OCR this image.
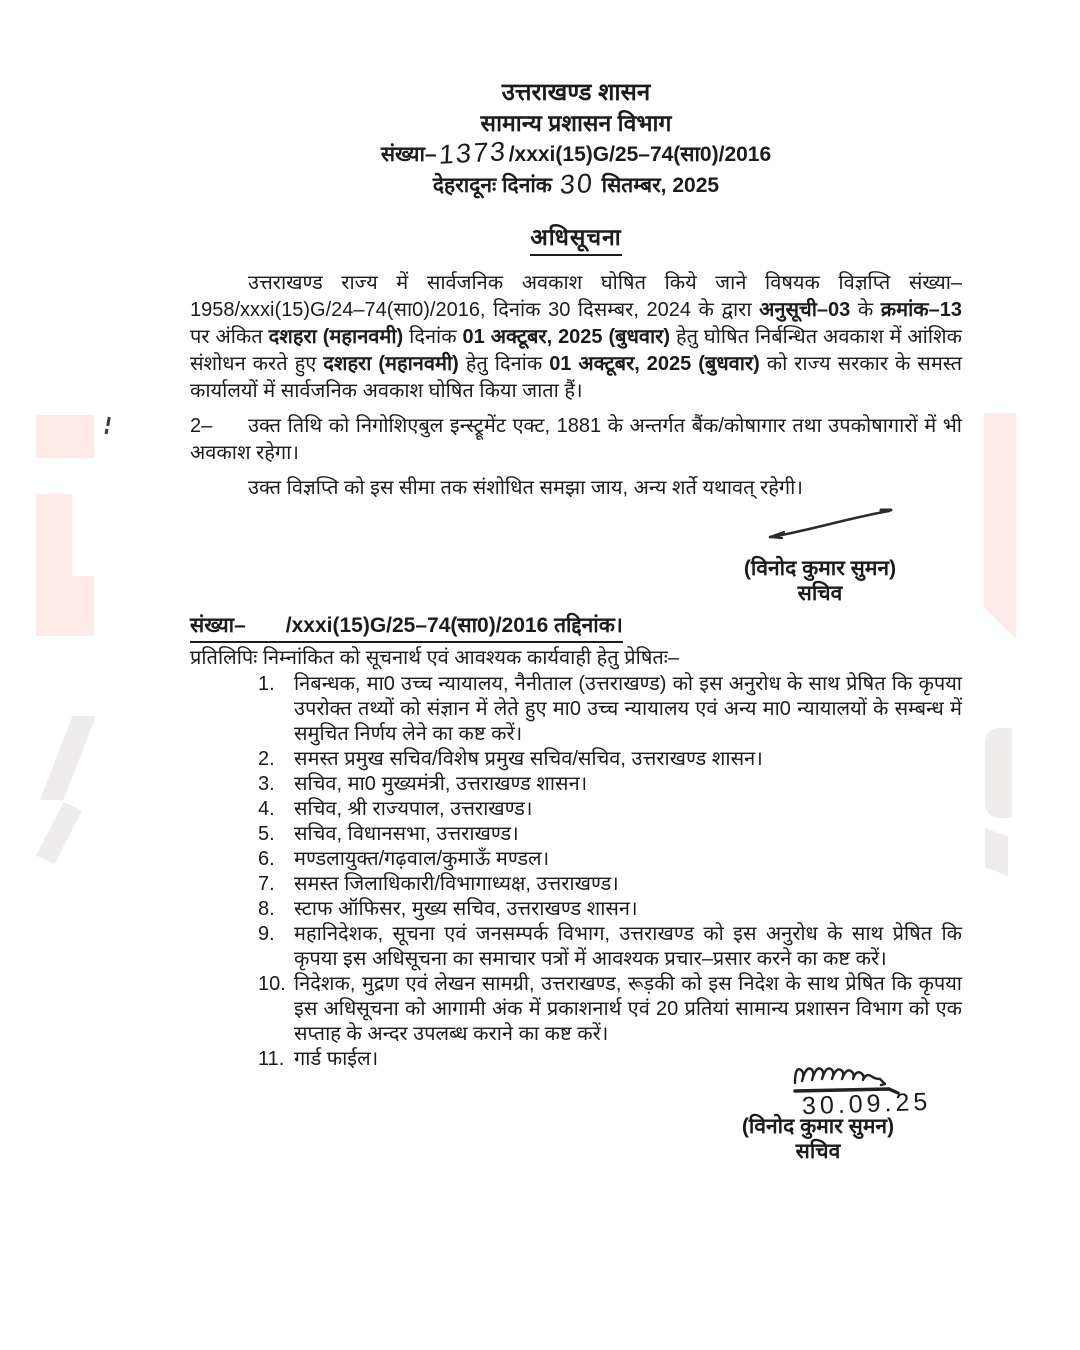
उत्तराखण्ड शासन
सामान्य प्रशासन विभाग
संख्या–1373/xxxi(15)G/25–74(सा0)/2016
देहरादूनः दिनांक 30 सितम्बर, 2025
अधिसूचना
उत्तराखण्ड राज्य में सार्वजनिक अवकाश घोषित किये जाने विषयक विज्ञप्ति संख्या–1958/xxxi(15)G/24–74(सा0)/2016, दिनांक 30 दिसम्बर, 2024 के द्वारा अनुसूची–03 के क्रमांक–13 पर अंकित दशहरा (महानवमी) दिनांक 01 अक्टूबर, 2025 (बुधवार) हेतु घोषित निर्बन्धित अवकाश में आंशिक संशोधन करते हुए दशहरा (महानवमी) हेतु दिनांक 01 अक्टूबर, 2025 (बुधवार) को राज्य सरकार के समस्त कार्यालयों में सार्वजनिक अवकाश घोषित किया जाता हैं।
2– उक्त तिथि को निगोशिएबुल इन्स्ट्रूमेंट एक्ट, 1881 के अन्तर्गत बैंक/कोषागार तथा उपकोषागारों में भी अवकाश रहेगा।
उक्त विज्ञप्ति को इस सीमा तक संशोधित समझा जाय, अन्य शर्ते यथावत् रहेगी।
(विनोद कुमार सुमन)
सचिव
संख्या– /xxxi(15)G/25–74(सा0)/2016 तद्दिनांक।
प्रतिलिपिः निम्नांकित को सूचनार्थ एवं आवश्यक कार्यवाही हेतु प्रेषितः–
1. निबन्धक, मा0 उच्च न्यायालय, नैनीताल (उत्तराखण्ड) को इस अनुरोध के साथ प्रेषित कि कृपया उपरोक्त तथ्यों को संज्ञान में लेते हुए मा0 उच्च न्यायालय एवं अन्य मा0 न्यायालयों के सम्बन्ध में समुचित निर्णय लेने का कष्ट करें।
2. समस्त प्रमुख सचिव/विशेष प्रमुख सचिव/सचिव, उत्तराखण्ड शासन।
3. सचिव, मा0 मुख्यमंत्री, उत्तराखण्ड शासन।
4. सचिव, श्री राज्यपाल, उत्तराखण्ड।
5. सचिव, विधानसभा, उत्तराखण्ड।
6. मण्डलायुक्त/गढ़वाल/कुमाऊँ मण्डल।
7. समस्त जिलाधिकारी/विभागाध्यक्ष, उत्तराखण्ड।
8. स्टाफ ऑफिसर, मुख्य सचिव, उत्तराखण्ड शासन।
9. महानिदेशक, सूचना एवं जनसम्पर्क विभाग, उत्तराखण्ड को इस अनुरोध के साथ प्रेषित कि कृपया इस अधिसूचना का समाचार पत्रों में आवश्यक प्रचार–प्रसार करने का कष्ट करें।
10. निदेशक, मुद्रण एवं लेखन सामग्री, उत्तराखण्ड, रूड़की को इस निदेश के साथ प्रेषित कि कृपया इस अधिसूचना को आगामी अंक में प्रकाशनार्थ एवं 20 प्रतियां सामान्य प्रशासन विभाग को एक सप्ताह के अन्दर उपलब्ध कराने का कष्ट करें।
11. गार्ड फाईल।
30.09.25
(विनोद कुमार सुमन)
सचिव
